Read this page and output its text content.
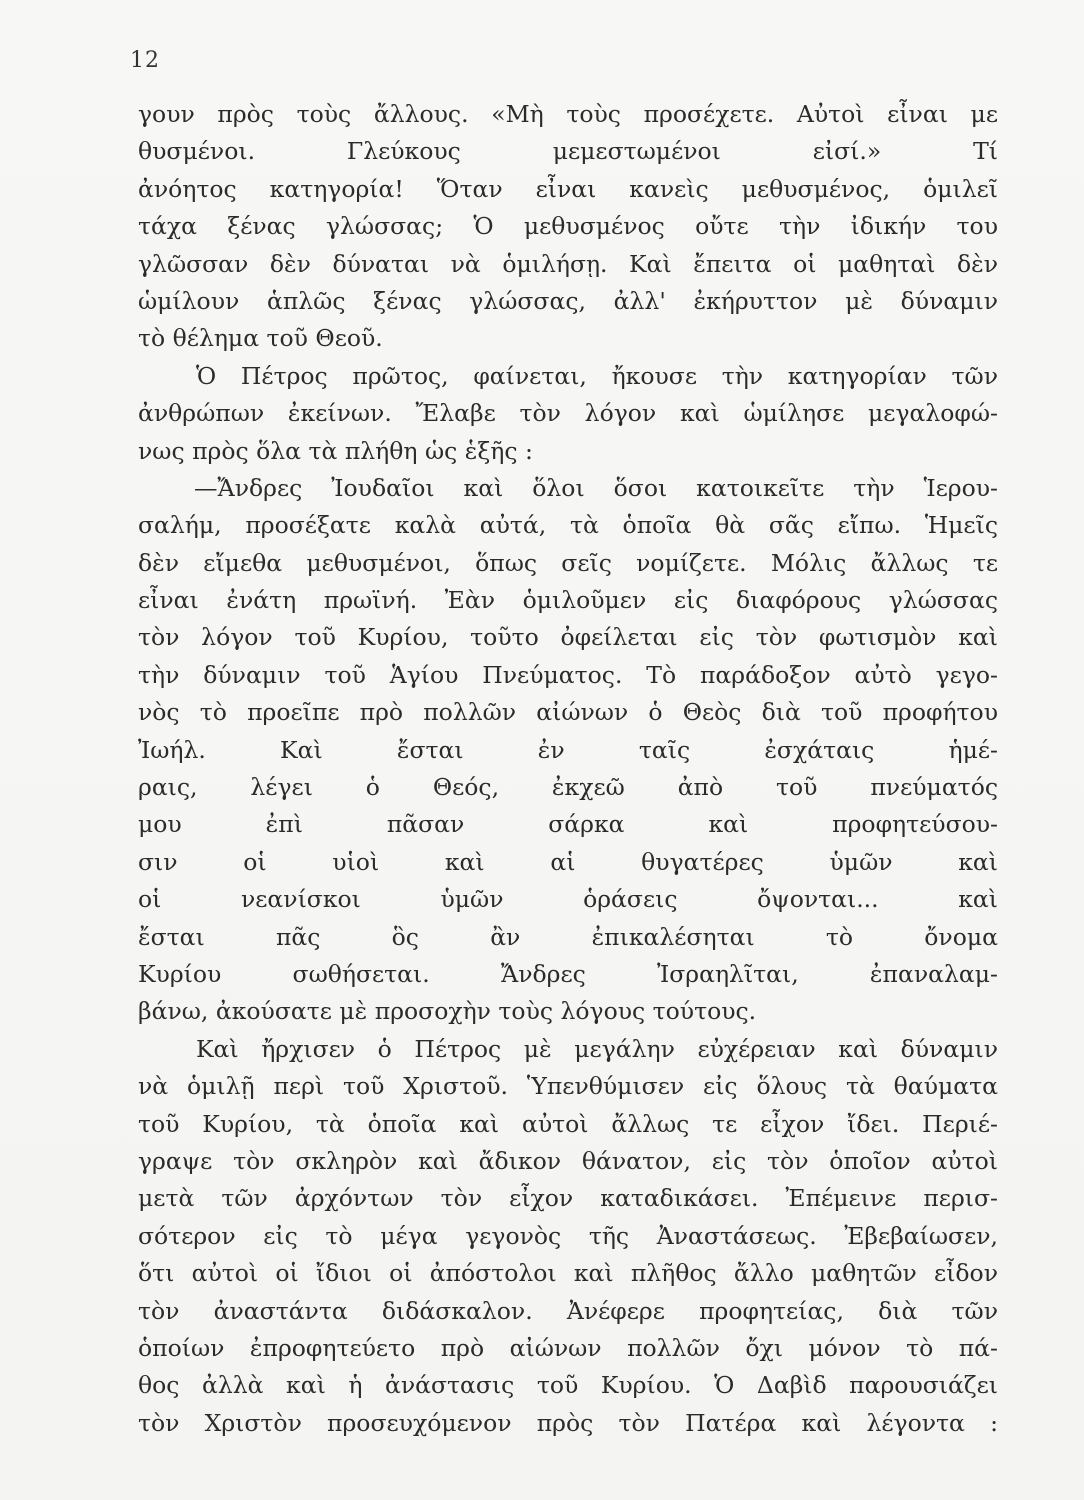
12
γουν πρὸς τοὺς ἄλλους. «Μὴ τοὺς προσέχετε. Αὐτοὶ εἶναι με
θυσμένοι. Γλεύκους μεμεστωμένοι εἰσί.» Τί
ἀνόητος κατηγορία! Ὅταν εἶναι κανεὶς μεθυσμένος, ὁμιλεῖ
τάχα ξένας γλώσσας; Ὁ μεθυσμένος οὔτε τὴν ἰδικήν του
γλῶσσαν δὲν δύναται νὰ ὁμιλήσῃ. Καὶ ἔπειτα οἱ μαθηταὶ δὲν
ὡμίλουν ἁπλῶς ξένας γλώσσας, ἀλλ' ἐκήρυττον μὲ δύναμιν
τὸ θέλημα τοῦ Θεοῦ.
Ὁ Πέτρος πρῶτος, φαίνεται, ἤκουσε τὴν κατηγορίαν τῶν
ἀνθρώπων ἐκείνων. Ἔλαβε τὸν λόγον καὶ ὡμίλησε μεγαλοφώ-
νως πρὸς ὅλα τὰ πλήθη ὡς ἑξῆς :
—Ἄνδρες Ἰουδαῖοι καὶ ὅλοι ὅσοι κατοικεῖτε τὴν Ἱερου-
σαλήμ, προσέξατε καλὰ αὐτά, τὰ ὁποῖα θὰ σᾶς εἴπω. Ἡμεῖς
δὲν εἴμεθα μεθυσμένοι, ὅπως σεῖς νομίζετε. Μόλις ἄλλως τε
εἶναι ἐνάτη πρωϊνή. Ἐὰν ὁμιλοῦμεν εἰς διαφόρους γλώσσας
τὸν λόγον τοῦ Κυρίου, τοῦτο ὀφείλεται εἰς τὸν φωτισμὸν καὶ
τὴν δύναμιν τοῦ Ἁγίου Πνεύματος. Τὸ παράδοξον αὐτὸ γεγο-
νὸς τὸ προεῖπε πρὸ πολλῶν αἰώνων ὁ Θεὸς διὰ τοῦ προφήτου
Ἰωήλ. Καὶ ἔσται ἐν ταῖς ἐσχάταις ἡμέ-
ραις, λέγει ὁ Θεός, ἐκχεῶ ἀπὸ τοῦ πνεύματός
μου ἐπὶ πᾶσαν σάρκα καὶ προφητεύσου-
σιν οἱ υἱοὶ καὶ αἱ θυγατέρες ὑμῶν καὶ
οἱ νεανίσκοι ὑμῶν ὁράσεις ὄψονται... καὶ
ἔσται πᾶς ὃς ἂν ἐπικαλέσηται τὸ ὄνομα
Κυρίου σωθήσεται. Ἄνδρες Ἰσραηλῖται, ἐπαναλαμ-
βάνω, ἀκούσατε μὲ προσοχὴν τοὺς λόγους τούτους.
Καὶ ἤρχισεν ὁ Πέτρος μὲ μεγάλην εὐχέρειαν καὶ δύναμιν
νὰ ὁμιλῇ περὶ τοῦ Χριστοῦ. Ὑπενθύμισεν εἰς ὅλους τὰ θαύματα
τοῦ Κυρίου, τὰ ὁποῖα καὶ αὐτοὶ ἄλλως τε εἶχον ἴδει. Περιέ-
γραψε τὸν σκληρὸν καὶ ἄδικον θάνατον, εἰς τὸν ὁποῖον αὐτοὶ
μετὰ τῶν ἀρχόντων τὸν εἶχον καταδικάσει. Ἐπέμεινε περισ-
σότερον εἰς τὸ μέγα γεγονὸς τῆς Ἀναστάσεως. Ἐβεβαίωσεν,
ὅτι αὐτοὶ οἱ ἴδιοι οἱ ἀπόστολοι καὶ πλῆθος ἄλλο μαθητῶν εἶδον
τὸν ἀναστάντα διδάσκαλον. Ἀνέφερε προφητείας, διὰ τῶν
ὁποίων ἐπροφητεύετο πρὸ αἰώνων πολλῶν ὄχι μόνον τὸ πά-
θος ἀλλὰ καὶ ἡ ἀνάστασις τοῦ Κυρίου. Ὁ Δαβὶδ παρουσιάζει
τὸν Χριστὸν προσευχόμενον πρὸς τὸν Πατέρα καὶ λέγοντα :
